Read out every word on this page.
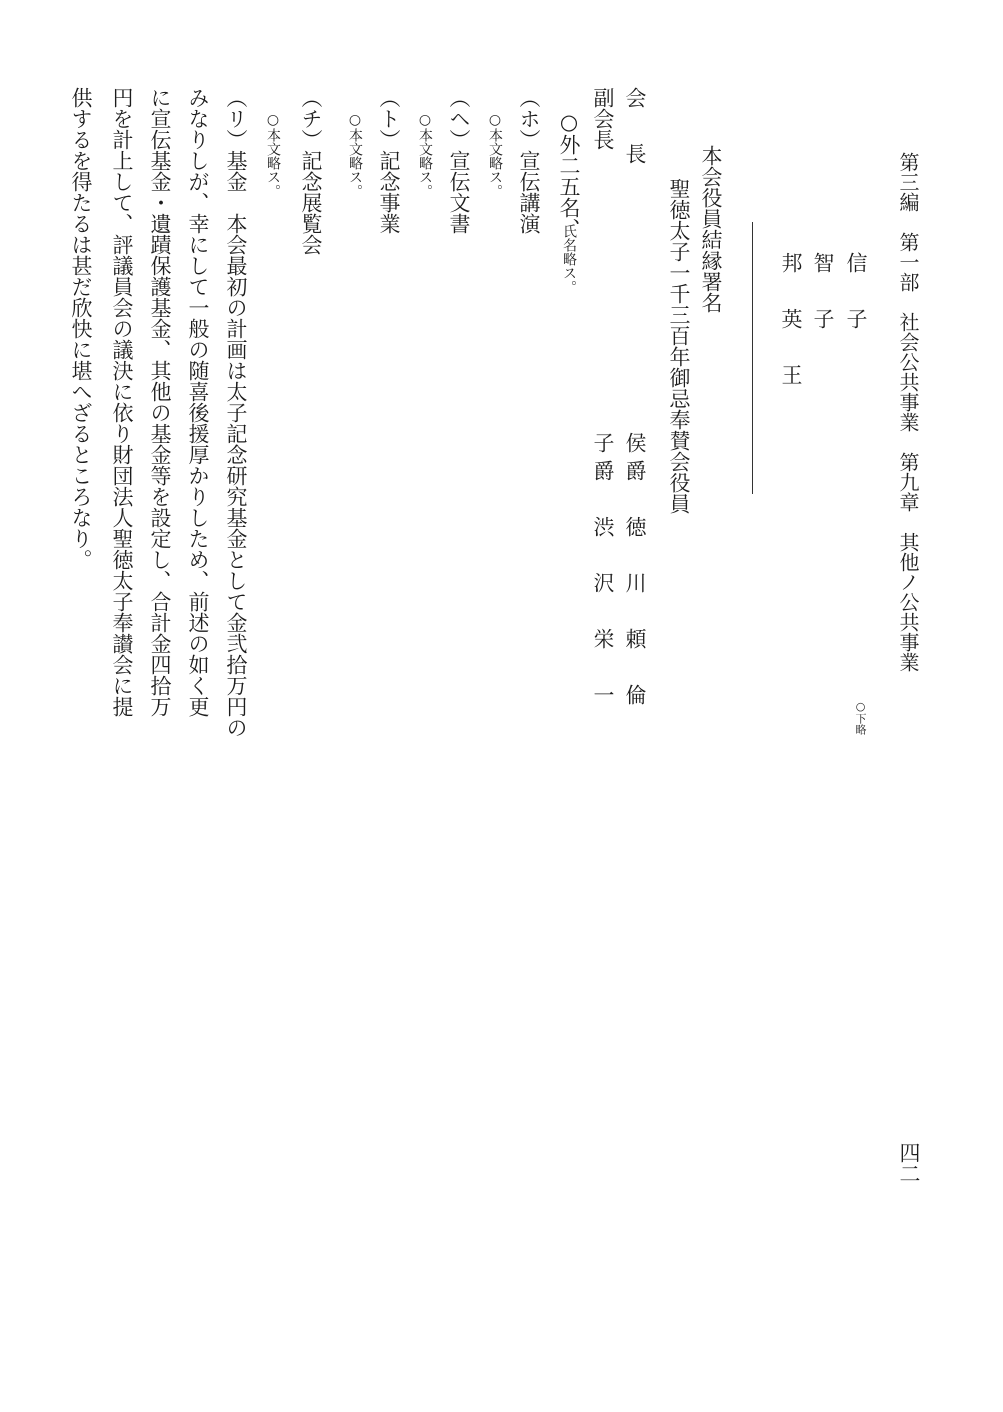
第三編　第一部　社会公共事業　第九章　其他ノ公共事業
信　子
○下略
智　子
邦　英　王
本会役員結縁署名
聖徳太子一千三百年御忌奉賛会役員
会　長
侯爵　徳　川　頼　倫
副会長
子爵　渋　沢　栄　一
○外二五名、
氏名略ス。
（ホ）宣伝講演
○本文略ス。
（ヘ）宣伝文書
○本文略ス。
（ト）記念事業
○本文略ス。
（チ）記念展覧会
○本文略ス。
（リ）基金　本会最初の計画は太子記念研究基金として金弐拾万円の
みなりしが、幸にして一般の随喜後援厚かりしため、前述の如く更
に宣伝基金・遺蹟保護基金、其他の基金等を設定し、合計金四拾万
円を計上して、評議員会の議決に依り財団法人聖徳太子奉讃会に提
供するを得たるは甚だ欣快に堪へざるところなり。
四二
